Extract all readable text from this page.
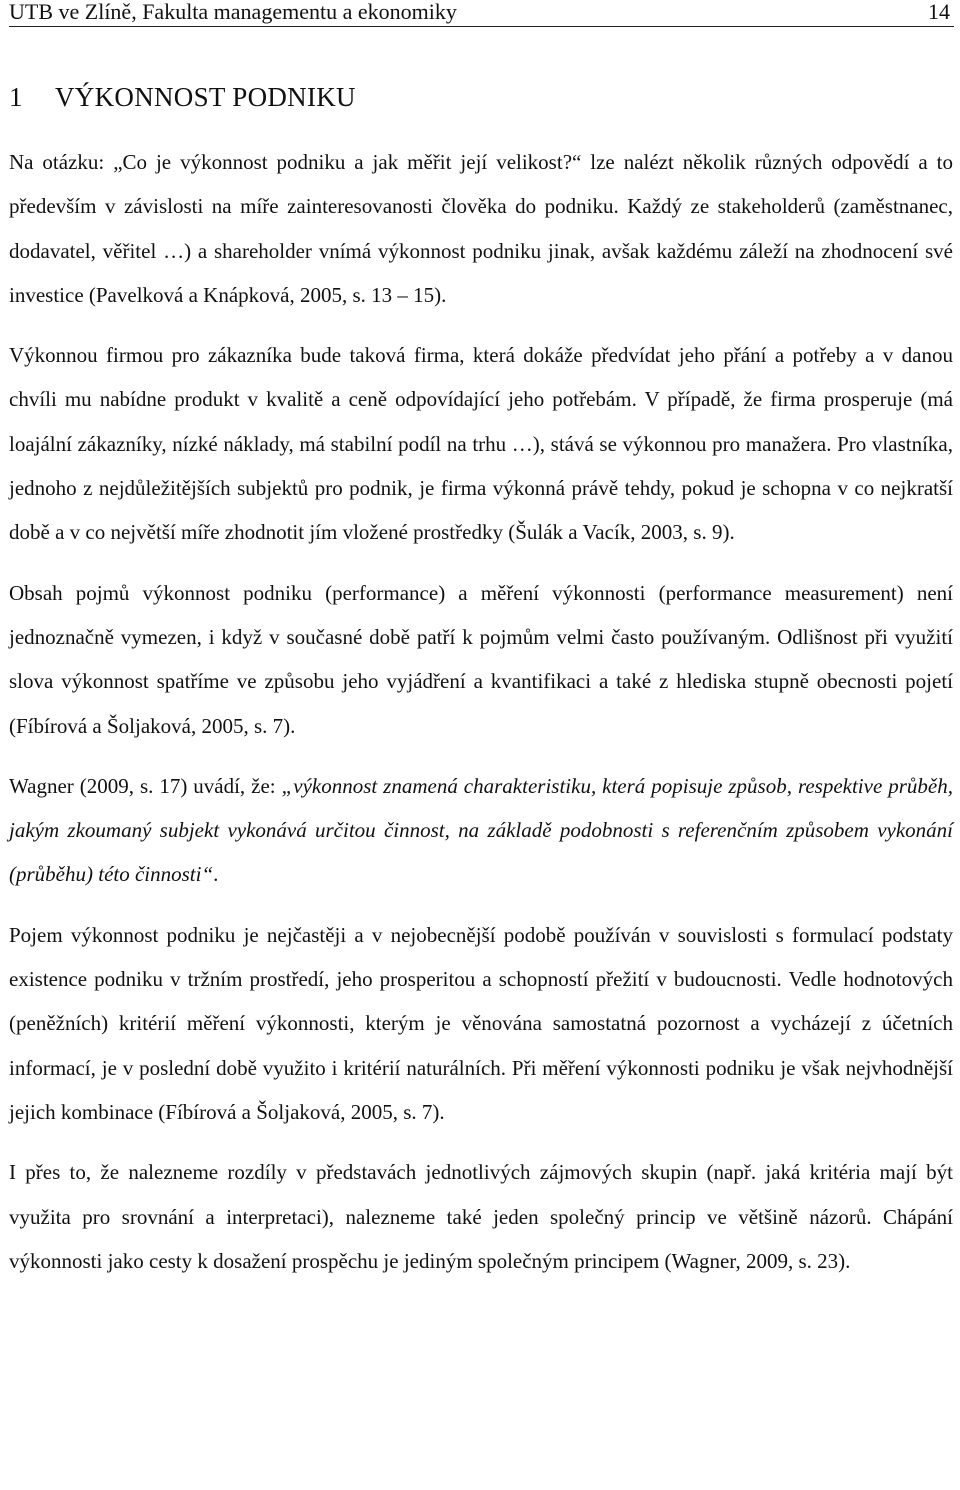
UTB ve Zlíně, Fakulta managementu a ekonomiky	14
1 VÝKONNOST PODNIKU

Na otázku: „Co je výkonnost podniku a jak měřit její velikost?“ lze nalézt několik různých odpovědí a to především v závislosti na míře zainteresovanosti člověka do podniku. Každý ze stakeholderů (zaměstnanec, dodavatel, věřitel …) a shareholder vnímá výkonnost podniku jinak, avšak každému záleží na zhodnocení své investice (Pavelková a Knápková, 2005, s. 13 – 15).

Výkonnou firmou pro zákazníka bude taková firma, která dokáže předvídat jeho přání a potřeby a v danou chvíli mu nabídne produkt v kvalitě a ceně odpovídající jeho potřebám. V případě, že firma prosperuje (má loajální zákazníky, nízké náklady, má stabilní podíl na trhu …), stává se výkonnou pro manažera. Pro vlastníka, jednoho z nejdůležitějších subjektů pro podnik, je firma výkonná právě tehdy, pokud je schopna v co nejkratší době a v co největší míře zhodnotit jím vložené prostředky (Šulák a Vacík, 2003, s. 9).

Obsah pojmů výkonnost podniku (performance) a měření výkonnosti (performance measurement) není jednoznačně vymezen, i když v současné době patří k pojmům velmi často používaným. Odlišnost při využití slova výkonnost spatříme ve způsobu jeho vyjádření a kvantifikaci a také z hlediska stupně obecnosti pojetí (Fíbírová a Šoljaková, 2005, s. 7).

Wagner (2009, s. 17) uvádí, že: „výkonnost znamená charakteristiku, která popisuje způsob, respektive průběh, jakým zkoumaný subjekt vykonává určitou činnost, na základě podobnosti s referenčním způsobem vykonání (průběhu) této činnosti“.

Pojem výkonnost podniku je nejčastěji a v nejobecnější podobě používán v souvislosti s formulací podstaty existence podniku v tržním prostředí, jeho prosperitou a schopností přežití v budoucnosti. Vedle hodnotových (peněžních) kritérií měření výkonnosti, kterým je věnována samostatná pozornost a vycházejí z účetních informací, je v poslední době využito i kritérií naturálních. Při měření výkonnosti podniku je však nejvhodnější jejich kombinace (Fíbírová a Šoljaková, 2005, s. 7).

I přes to, že nalezneme rozdíly v představách jednotlivých zájmových skupin (např. jaká kritéria mají být využita pro srovnání a interpretaci), nalezneme také jeden společný princip ve většině názorů. Chápání výkonnosti jako cesty k dosažení prospěchu je jediným společným principem (Wagner, 2009, s. 23).
